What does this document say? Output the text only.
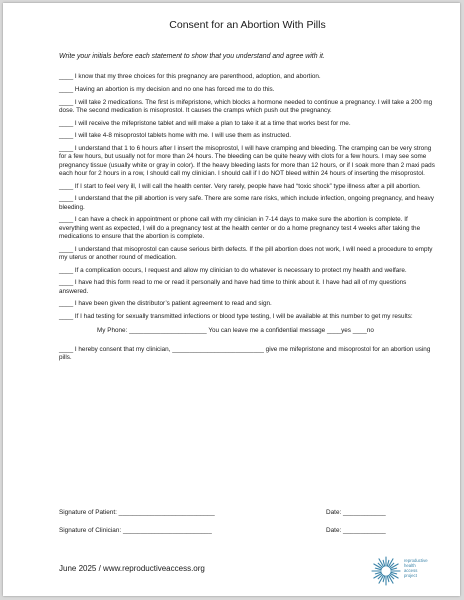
Consent for an Abortion With Pills
Write your initials before each statement to show that you understand and agree with it.

____ I know that my three choices for this pregnancy are parenthood, adoption, and abortion.

____ Having an abortion is my decision and no one has forced me to do this.

____ I will take 2 medications. The first is mifepristone, which blocks a hormone needed to continue a pregnancy. I will take a 200 mg dose. The second medication is misoprostol. It causes the cramps which push out the pregnancy.

____ I will receive the mifepristone tablet and will make a plan to take it at a time that works best for me.

____ I will take 4-8 misoprostol tablets home with me. I will use them as instructed.

____ I understand that 1 to 6 hours after I insert the misoprostol, I will have cramping and bleeding. The cramping can be very strong for a few hours, but usually not for more than 24 hours. The bleeding can be quite heavy with clots for a few hours. I may see some pregnancy tissue (usually white or gray in color). If the heavy bleeding lasts for more than 12 hours, or if I soak more than 2 maxi pads each hour for 2 hours in a row, I should call my clinician. I should call if I do NOT bleed within 24 hours of inserting the misoprostol.

____ If I start to feel very ill, I will call the health center. Very rarely, people have had “toxic shock” type illness after a pill abortion.

____ I understand that the pill abortion is very safe. There are some rare risks, which include infection, ongoing pregnancy, and heavy bleeding.

____ I can have a check in appointment or phone call with my clinician in 7-14 days to make sure the abortion is complete. If everything went as expected, I will do a pregnancy test at the health center or do a home pregnancy test 4 weeks after taking the medications to ensure that the abortion is complete.

____ I understand that misoprostol can cause serious birth defects. If the pill abortion does not work, I will need a procedure to empty my uterus or another round of medication.

____ If a complication occurs, I request and allow my clinician to do whatever is necessary to protect my health and welfare.

____ I have had this form read to me or read it personally and have had time to think about it. I have had all of my questions answered.

____ I have been given the distributor’s patient agreement to read and sign.

____ If I had testing for sexually transmitted infections or blood type testing, I will be available at this number to get my results:

My Phone: ______________________ You can leave me a confidential message ____yes ____no

____ I hereby consent that my clinician, __________________________ give me mifepristone and misoprostol for an abortion using pills.

Signature of Patient: ___________________________	Date: ____________
Signature of Clinician: _________________________	Date: ____________
June 2025 / www.reproductiveaccess.org
reproductive
health
access
project
